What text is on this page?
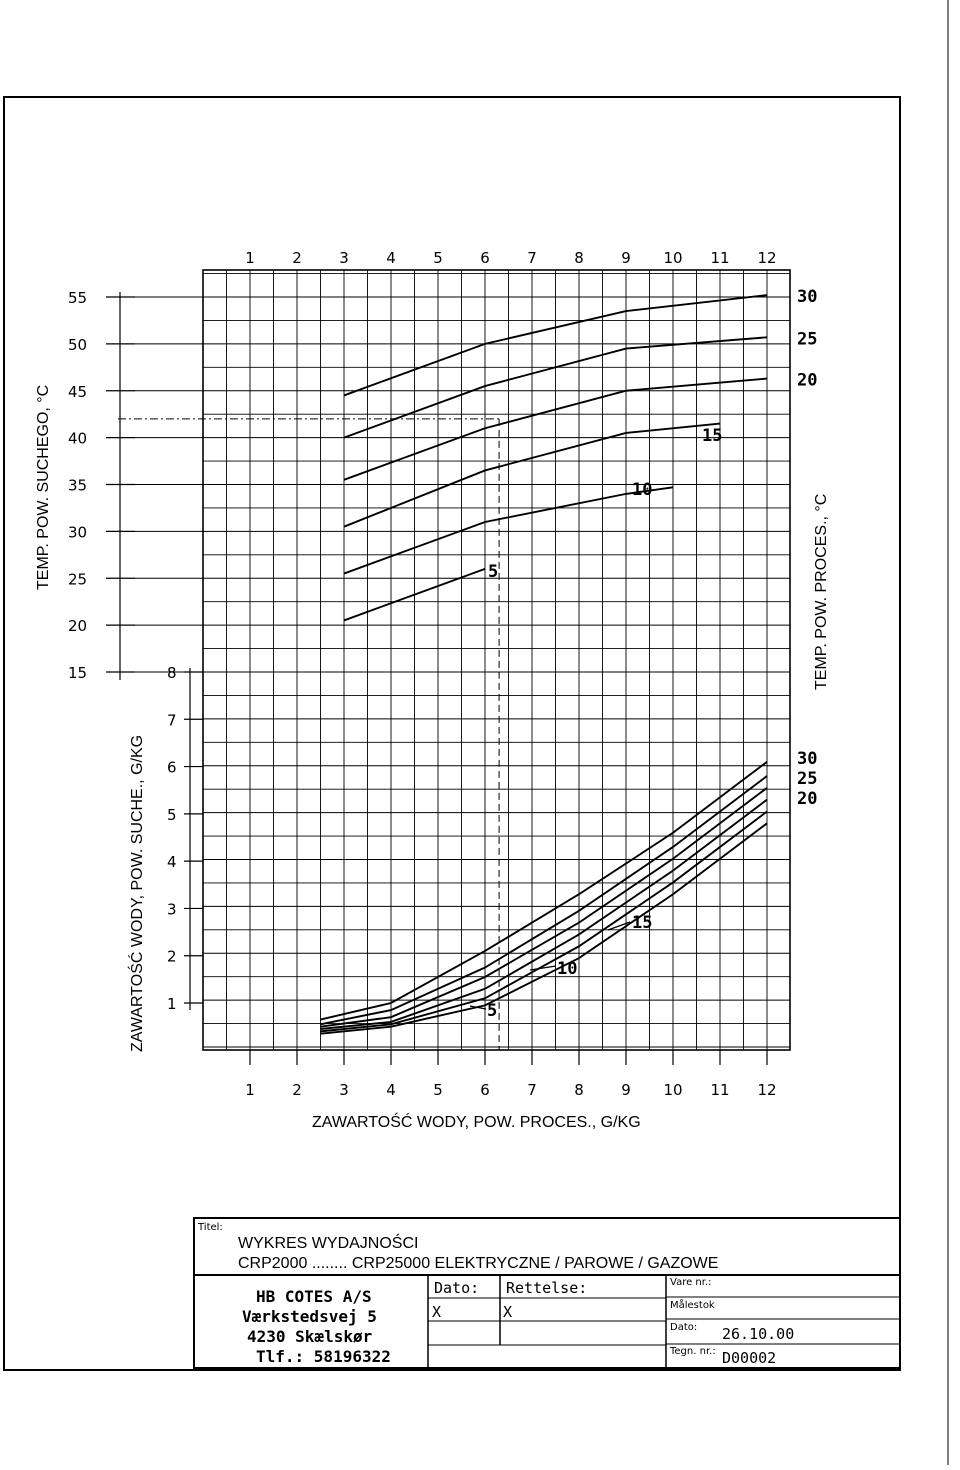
55
50
45
40
35
30
25
20
15	8
7
6
5
4
3
2
1
1
1
2
2
3
3
4
4
5
5
6
6
7
7
8
8
9
9
10
10
11
11
12
12
30
25
20
15
10
5
30
25
20
15
10
5
TEMP. POW. SUCHEGO, °C
ZAWARTOŚĆ WODY, POW. SUCHE., G/KG
TEMP. POW. PROCES., °C
ZAWARTOŚĆ WODY, POW. PROCES., G/KG
Titel:
WYKRES WYDAJNOŚCI
CRP2000 ........ CRP25000 ELEKTRYCZNE / PAROWE / GAZOWE
HB COTES A/S
Værkstedsvej 5
4230 Skælskør
Tlf.: 58196322
Dato: Rettelse:
X	X
Vare nr.:
Målestok
Dato: 26.10.00
Tegn. nr.: D00002
